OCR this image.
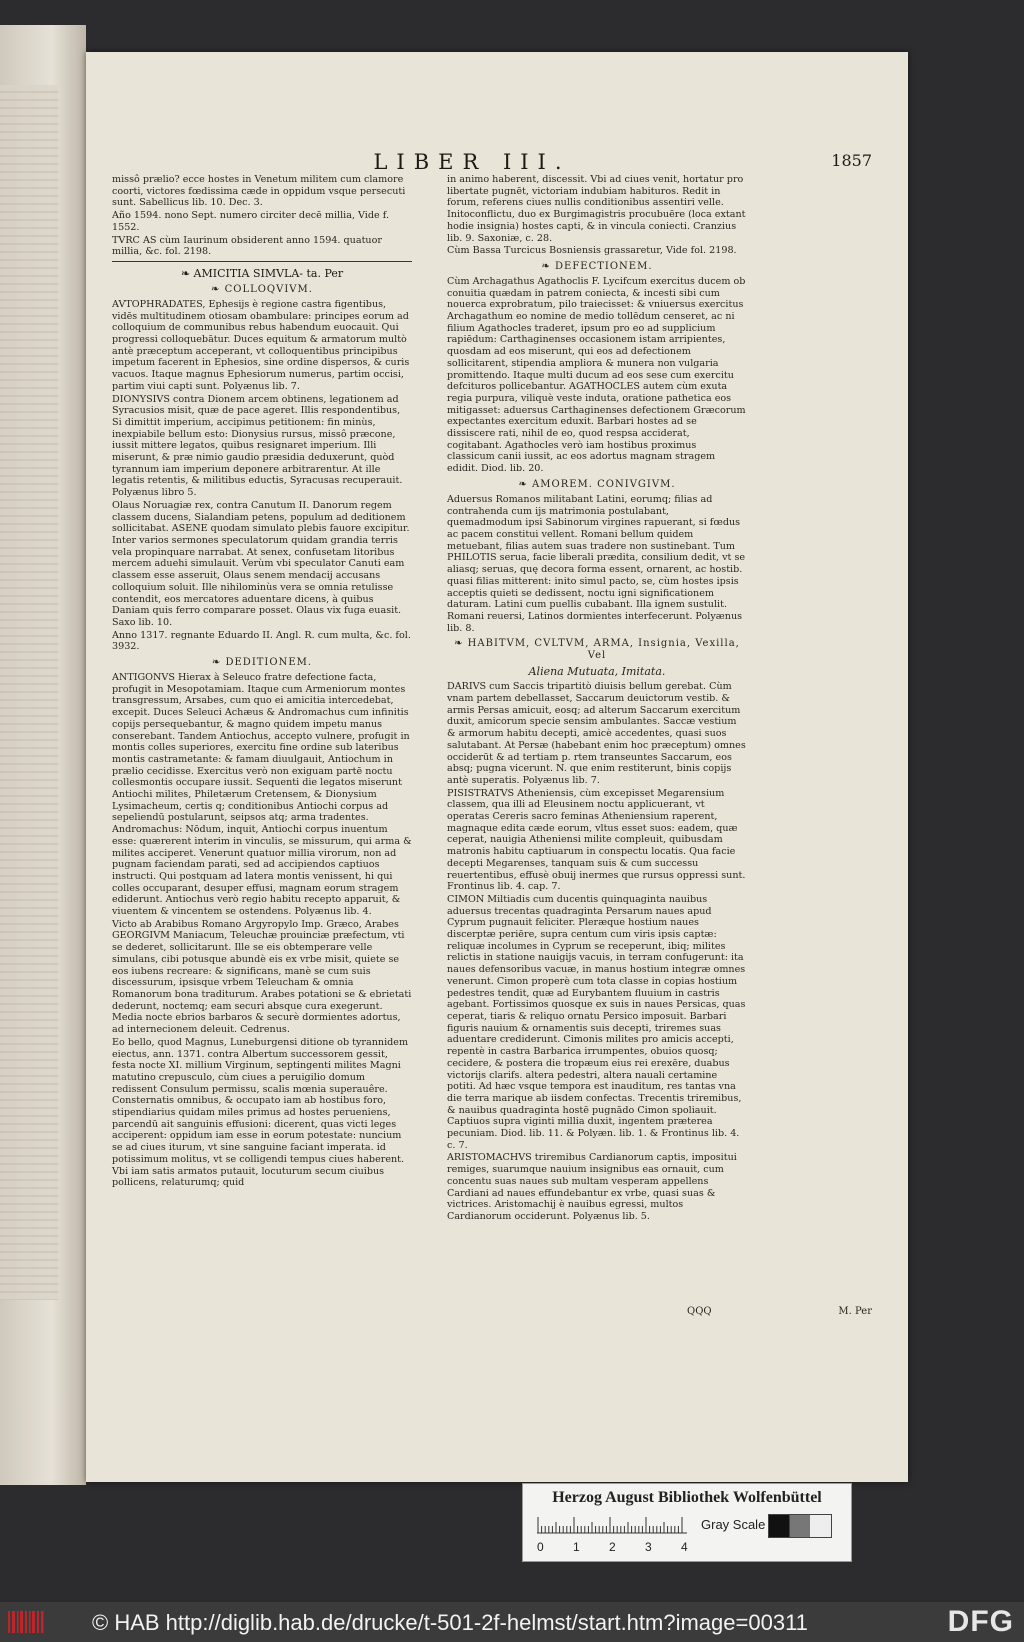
LIBER III.	1857
missô prælio? ecce hostes in Venetum militem cum clamore coorti, victores fœdissima cæde in oppidum vsque persecuti sunt. Sabellicus lib. 10. Dec. 3.
Año 1594. nono Sept. numero circiter decē millia, Vide f. 1552.
TVRC AS cùm Iaurinum obsiderent anno 1594. quatuor millia, &c. fol. 2198.
❧ AMICITIA SIMVLA- ta. Per
❧ COLLOQVIVM.
AVTOPHRADATES, Ephesijs è regione castra figentibus, vidēs multitudinem otiosam obambulare: principes eorum ad colloquium de communibus rebus habendum euocauit. Qui progressi colloquebātur. Duces equitum & armatorum multò antè præceptum acceperant, vt colloquentibus principibus impetum facerent in Ephesios, sine ordine dispersos, & curis vacuos. Itaque magnus Ephesiorum numerus, partim occisi, partim viui capti sunt. Polyænus lib. 7.
DIONYSIVS contra Dionem arcem obtinens, legationem ad Syracusios misit, quæ de pace ageret. Illis respondentibus, Si dimittit imperium, accipimus petitionem: fin minùs, inexpiabile bellum esto: Dionysius rursus, missô præcone, iussit mittere legatos, quibus resignaret imperium. Illi miserunt, & præ nimio gaudio præsidia deduxerunt, quòd tyrannum iam imperium deponere arbitrarentur. At ille legatis retentis, & militibus eductis, Syracusas recuperauit. Polyænus libro 5.
Olaus Noruagiæ rex, contra Canutum II. Danorum regem classem ducens, Sialandiam petens, populum ad deditionem sollicitabat. ASENE quodam simulato plebis fauore excipitur. Inter varios sermones speculatorum quidam grandia terris vela propinquare narrabat. At senex, confusetam litoribus mercem aduehi simulauit. Verùm vbi speculator Canuti eam classem esse asseruit, Olaus senem mendacij accusans colloquium soluit. Ille nihilominùs vera se omnia retulisse contendit, eos mercatores aduentare dicens, à quibus Daniam quis ferro comparare posset. Olaus vix fuga euasit. Saxo lib. 10.
Anno 1317. regnante Eduardo II. Angl. R. cum multa, &c. fol. 3932.
❧ DEDITIONEM.
ANTIGONVS Hierax à Seleuco fratre defectione facta, profugit in Mesopotamiam. Itaque cum Armeniorum montes transgressum, Arsabes, cum quo ei amicitia intercedebat, excepit. Duces Seleuci Achæus & Andromachus cum infinitis copijs persequebantur, & magno quidem impetu manus conserebant. Tandem Antiochus, accepto vulnere, profugit in montis colles superiores, exercitu fine ordine sub lateribus montis castrametante: & famam diuulgauit, Antiochum in prælio cecidisse. Exercitus verò non exiguam partē noctu collesmontis occupare iussit. Sequenti die legatos miserunt Antiochi milites, Philetærum Cretensem, & Dionysium Lysimacheum, certis q; conditionibus Antiochi corpus ad sepeliendū postularunt, seipsos atq; arma tradentes. Andromachus: Nōdum, inquit, Antiochi corpus inuentum esse: quærerent interim in vinculis, se missurum, qui arma & milites acciperet. Venerunt quatuor millia virorum, non ad pugnam faciendam parati, sed ad accipiendos captiuos instructi. Qui postquam ad latera montis venissent, hi qui colles occuparant, desuper effusi, magnam eorum stragem ediderunt. Antiochus verò regio habitu recepto apparuit, & viuentem & vincentem se ostendens. Polyænus lib. 4.
Victo ab Arabibus Romano Argyropylo Imp. Græco, Arabes GEORGIVM Maniacum, Teleuchæ prouinciæ præfectum, vti se dederet, sollicitarunt. Ille se eis obtemperare velle simulans, cibi potusque abundè eis ex vrbe misit, quiete se eos iubens recreare: & significans, manè se cum suis discessurum, ipsisque vrbem Teleucham & omnia Romanorum bona traditurum. Arabes potationi se & ebrietati dederunt, noctemq; eam securi absque cura exegerunt. Media nocte ebrios barbaros & securè dormientes adortus, ad internecionem deleuit. Cedrenus.
Eo bello, quod Magnus, Luneburgensi ditione ob tyrannidem eiectus, ann. 1371. contra Albertum successorem gessit, festa nocte XI. millium Virginum, septingenti milites Magni matutino crepusculo, cùm ciues a peruigilio domum redissent Consulum permissu, scalis mœnia superauêre. Consternatis omnibus, & occupato iam ab hostibus foro, stipendiarius quidam miles primus ad hostes perueniens, parcendū ait sanguinis effusioni: dicerent, quas victi leges acciperent: oppidum iam esse in eorum potestate: nuncium se ad ciues iturum, vt sine sanguine faciant imperata. id potissimum molitus, vt se colligendi tempus ciues haberent. Vbi iam satis armatos putauit, locuturum secum ciuibus pollicens, relaturumq; quid
in animo haberent, discessit. Vbi ad ciues venit, hortatur pro libertate pugnēt, victoriam indubiam habituros. Redit in forum, referens ciues nullis conditionibus assentiri velle. Initoconflictu, duo ex Burgimagistris procubuēre (loca extant hodie insignia) hostes capti, & in vincula coniecti. Cranzius lib. 9. Saxoniæ, c. 28.
Cùm Bassa Turcicus Bosniensis grassaretur, Vide fol. 2198.
❧ DEFECTIONEM.
Cùm Archagathus Agathoclis F. Lycifcum exercitus ducem ob conuitia quædam in patrem coniecta, & incesti sibi cum nouerca exprobratum, pilo traiecisset: & vniuersus exercitus Archagathum eo nomine de medio tollēdum censeret, ac ni filium Agathocles traderet, ipsum pro eo ad supplicium rapiēdum: Carthaginenses occasionem istam arripientes, quosdam ad eos miserunt, qui eos ad defectionem sollicitarent, stipendia ampliora & munera non vulgaria promittendo. Itaque multi ducum ad eos sese cum exercitu defcituros pollicebantur. AGATHOCLES autem cùm exuta regia purpura, viliquè veste induta, oratione pathetica eos mitigasset: aduersus Carthaginenses defectionem Græcorum expectantes exercitum eduxit. Barbari hostes ad se dissiscere rati, nihil de eo, quod respsa acciderat, cogitabant. Agathocles verò iam hostibus proximus classicum canii iussit, ac eos adortus magnam stragem edidit. Diod. lib. 20.
❧ AMOREM. CONIVGIVM.
Aduersus Romanos militabant Latini, eorumq; filias ad contrahenda cum ijs matrimonia postulabant, quemadmodum ipsi Sabinorum virgines rapuerant, si fœdus ac pacem constitui vellent. Romani bellum quidem metuebant, filias autem suas tradere non sustinebant. Tum PHILOTIS serua, facie liberali prædita, consilium dedit, vt se aliasq; seruas, quę decora forma essent, ornarent, ac hostib. quasi filias mitterent: inito simul pacto, se, cùm hostes ipsis acceptis quieti se dedissent, noctu igni significationem daturam. Latini cum puellis cubabant. Illa ignem sustulit. Romani reuersi, Latinos dormientes interfecerunt. Polyænus lib. 8.
❧ HABITVM, CVLTVM, ARMA, Insignia, Vexilla, Vel
Aliena Mutuata, Imitata.
DARIVS cum Saccis tripartitò diuisis bellum gerebat. Cùm vnam partem debellasset, Saccarum deuictorum vestib. & armis Persas amicuit, eosq; ad alterum Saccarum exercitum duxit, amicorum specie sensim ambulantes. Saccæ vestium & armorum habitu decepti, amicè accedentes, quasi suos salutabant. At Persæ (habebant enim hoc præceptum) omnes occiderūt & ad tertiam p. rtem transeuntes Saccarum, eos absq; pugna vicerunt. N. que enim restiterunt, binis copijs antè superatis. Polyænus lib. 7.
PISISTRATVS Atheniensis, cùm excepisset Megarensium classem, qua illi ad Eleusinem noctu applicuerant, vt operatas Cereris sacro feminas Atheniensium raperent, magnaque edita cæde eorum, vltus esset suos: eadem, quæ ceperat, nauigia Atheniensi milite compleuit, quibusdam matronis habitu captiuarum in conspectu locatis. Qua facie decepti Megarenses, tanquam suis & cum successu reuertentibus, effusè obuij inermes que rursus oppressi sunt. Frontinus lib. 4. cap. 7.
CIMON Miltiadis cum ducentis quinquaginta nauibus aduersus trecentas quadraginta Persarum naues apud Cyprum pugnauit feliciter. Pleræque hostium naues discerptæ periēre, supra centum cum viris ipsis captæ: reliquæ incolumes in Cyprum se receperunt, ibiq; milites relictis in statione nauigijs vacuis, in terram confugerunt: ita naues defensoribus vacuæ, in manus hostium integræ omnes venerunt. Cimon properè cum tota classe in copias hostium pedestres tendit, quæ ad Eurybantem fluuium in castris agebant. Fortissimos quosque ex suis in naues Persicas, quas ceperat, tiaris & reliquo ornatu Persico imposuit. Barbari figuris nauium & ornamentis suis decepti, triremes suas aduentare crediderunt. Cimonis milites pro amicis accepti, repentè in castra Barbarica irrumpentes, obuios quosq; cecidere, & postera die tropæum eius rei erexēre, duabus victorijs clarifs. altera pedestri, altera nauali certamine potiti. Ad hæc vsque tempora est inauditum, res tantas vna die terra marique ab iisdem confectas. Trecentis triremibus, & nauibus quadraginta hostē pugnādo Cimon spoliauit. Captiuos supra viginti millia duxit, ingentem præterea pecuniam. Diod. lib. 11. & Polyæn. lib. 1. & Frontinus lib. 4. c. 7.
ARISTOMACHVS triremibus Cardianorum captis, impositui remiges, suarumque nauium insignibus eas ornauit, cum concentu suas naues sub multam vesperam appellens Cardiani ad naues effundebantur ex vrbe, quasi suas & victrices. Aristomachij è nauibus egressi, multos Cardianorum occiderunt. Polyænus lib. 5.
QQQ	M. Per
Herzog August Bibliothek Wolfenbüttel
0 1 2 3 4
Gray Scale
© HAB http://diglib.hab.de/drucke/t-501-2f-helmst/start.htm?image=00311	DFG
